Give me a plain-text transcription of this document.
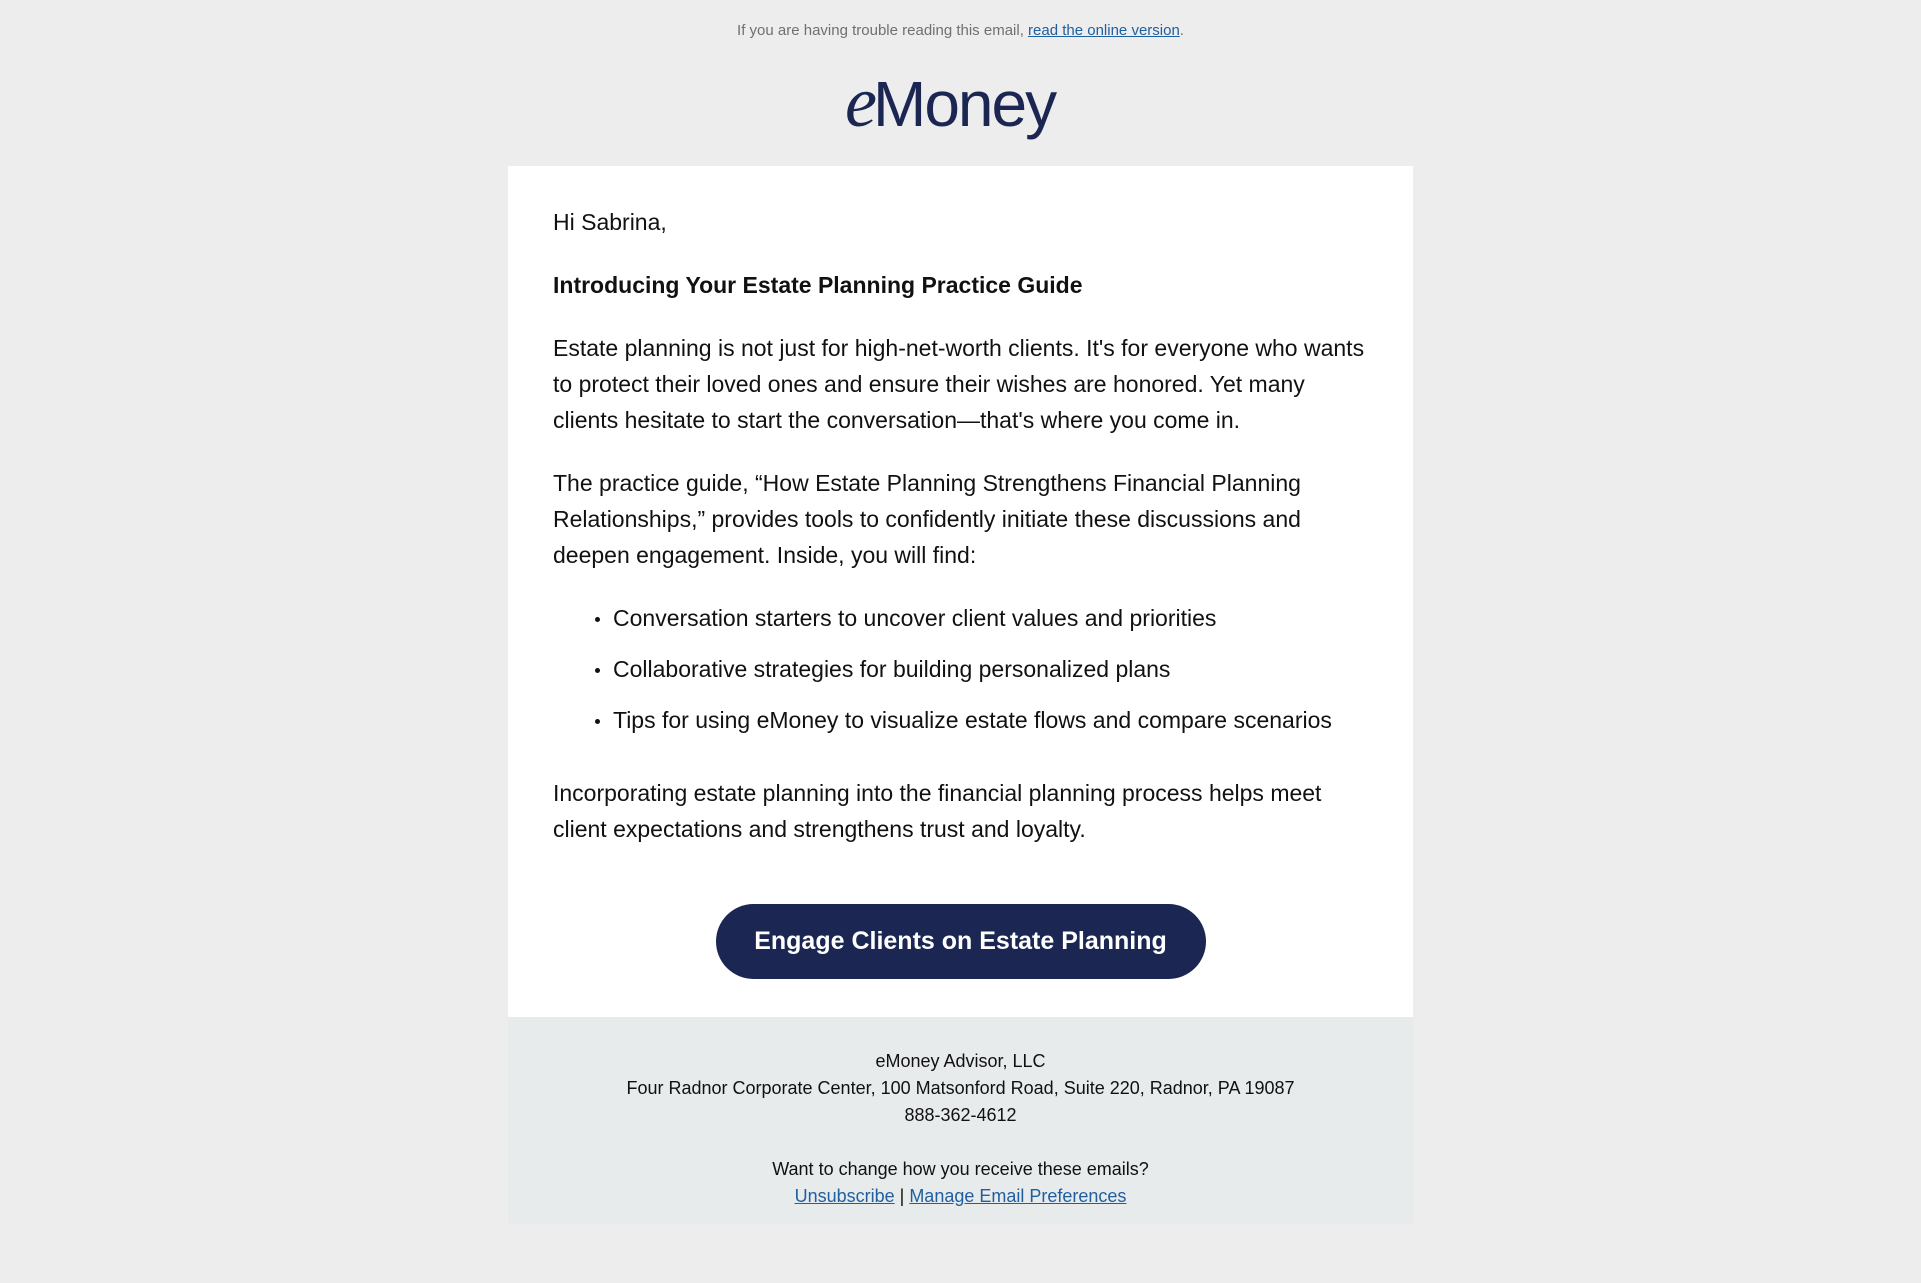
If you are having trouble reading this email, read the online version.
e
Money

Hi Sabrina,

Introducing Your Estate Planning Practice Guide

Estate planning is not just for high-net-worth clients. It's for everyone who wants to protect their loved ones and ensure their wishes are honored. Yet many clients hesitate to start the conversation—that's where you come in.

The practice guide, “How Estate Planning Strengthens Financial Planning Relationships,” provides tools to confidently initiate these discussions and deepen engagement. Inside, you will find:

Conversation starters to uncover client values and priorities
Collaborative strategies for building personalized plans
Tips for using eMoney to visualize estate flows and compare scenarios

Incorporating estate planning into the financial planning process helps meet client expectations and strengthens trust and loyalty.

Engage Clients on Estate Planning
eMoney Advisor, LLC
Four Radnor Corporate Center, 100 Matsonford Road, Suite 220, Radnor, PA 19087
888-362-4612
Want to change how you receive these emails?
Unsubscribe | Manage Email Preferences
